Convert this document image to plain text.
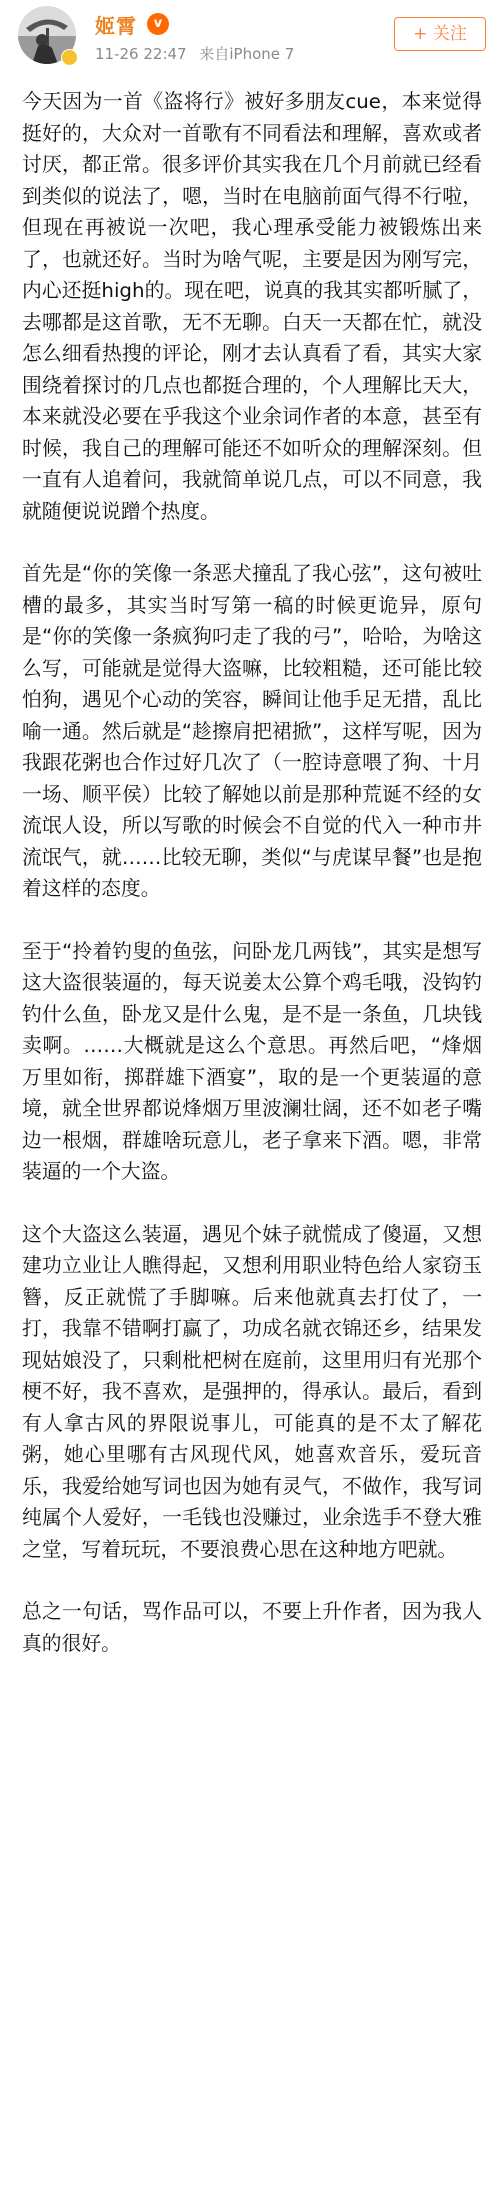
姬霄	v
11-26 22:47 来自iPhone 7
+ 关注

今天因为一首《盗将行》被好多朋友cue，本来觉得挺好的，大众对一首歌有不同看法和理解，喜欢或者讨厌，都正常。很多评价其实我在几个月前就已经看到类似的说法了，嗯，当时在电脑前面气得不行啦，但现在再被说一次吧，我心理承受能力被锻炼出来了，也就还好。当时为啥气呢，主要是因为刚写完，内心还挺high的。现在吧，说真的我其实都听腻了，去哪都是这首歌，无不无聊。白天一天都在忙，就没怎么细看热搜的评论，刚才去认真看了看，其实大家围绕着探讨的几点也都挺合理的，个人理解比天大，本来就没必要在乎我这个业余词作者的本意，甚至有时候，我自己的理解可能还不如听众的理解深刻。但一直有人追着问，我就简单说几点，可以不同意，我就随便说说蹭个热度。

首先是“你的笑像一条恶犬撞乱了我心弦”，这句被吐槽的最多，其实当时写第一稿的时候更诡异，原句是“你的笑像一条疯狗叼走了我的弓”，哈哈，为啥这么写，可能就是觉得大盗嘛，比较粗糙，还可能比较怕狗，遇见个心动的笑容，瞬间让他手足无措，乱比喻一通。然后就是“趁擦肩把裙掀”，这样写呢，因为我跟花粥也合作过好几次了（一腔诗意喂了狗、十月一场、顺平侯）比较了解她以前是那种荒诞不经的女流氓人设，所以写歌的时候会不自觉的代入一种市井流氓气，就……比较无聊，类似“与虎谋早餐”也是抱着这样的态度。

至于“拎着钓叟的鱼弦，问卧龙几两钱”，其实是想写这大盗很装逼的，每天说姜太公算个鸡毛哦，没钩钓钓什么鱼，卧龙又是什么鬼，是不是一条鱼，几块钱卖啊。……大概就是这么个意思。再然后吧，“烽烟万里如衔，掷群雄下酒宴”，取的是一个更装逼的意境，就全世界都说烽烟万里波澜壮阔，还不如老子嘴边一根烟，群雄啥玩意儿，老子拿来下酒。嗯，非常装逼的一个大盗。

这个大盗这么装逼，遇见个妹子就慌成了傻逼，又想建功立业让人瞧得起，又想利用职业特色给人家窃玉簪，反正就慌了手脚嘛。后来他就真去打仗了，一打，我靠不错啊打赢了，功成名就衣锦还乡，结果发现姑娘没了，只剩枇杷树在庭前，这里用归有光那个梗不好，我不喜欢，是强押的，得承认。最后，看到有人拿古风的界限说事儿，可能真的是不太了解花粥，她心里哪有古风现代风，她喜欢音乐，爱玩音乐，我爱给她写词也因为她有灵气，不做作，我写词纯属个人爱好，一毛钱也没赚过，业余选手不登大雅之堂，写着玩玩，不要浪费心思在这种地方吧就。

总之一句话，骂作品可以，不要上升作者，因为我人真的很好。
